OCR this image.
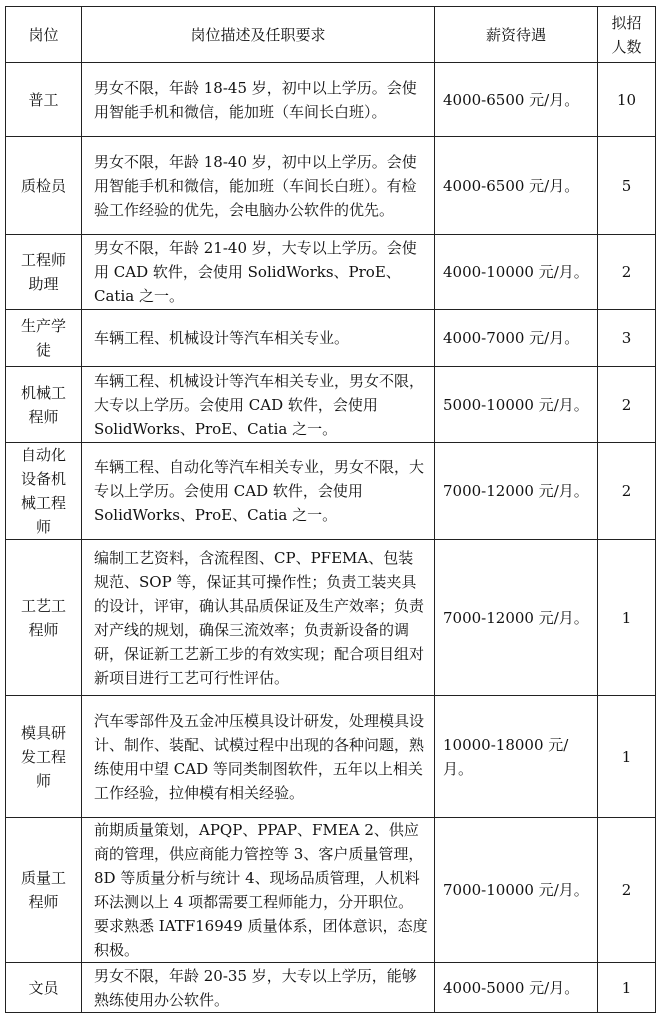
岗位	岗位描述及任职要求	薪资待遇	拟招人数
普工	男女不限，年龄 18-45 岁，初中以上学历。会使用智能手机和微信，能加班（车间长白班）。	4000-6500 元/月。	10
质检员	男女不限，年龄 18-40 岁，初中以上学历。会使用智能手机和微信，能加班（车间长白班）。有检验工作经验的优先，会电脑办公软件的优先。	4000-6500 元/月。	5
工程师助理	男女不限，年龄 21-40 岁，大专以上学历。会使用 CAD 软件，会使用 SolidWorks、ProE、Catia 之一。	4000-10000 元/月。	2
生产学徒	车辆工程、机械设计等汽车相关专业。	4000-7000 元/月。	3
机械工程师	车辆工程、机械设计等汽车相关专业，男女不限，大专以上学历。会使用 CAD 软件，会使用 SolidWorks、ProE、Catia 之一。	5000-10000 元/月。	2
自动化设备机械工程师	车辆工程、自动化等汽车相关专业，男女不限，大专以上学历。会使用 CAD 软件，会使用 SolidWorks、ProE、Catia 之一。	7000-12000 元/月。	2
工艺工程师	编制工艺资料，含流程图、CP、PFEMA、包装规范、SOP 等，保证其可操作性；负责工装夹具的设计，评审，确认其品质保证及生产效率；负责对产线的规划，确保三流效率；负责新设备的调研，保证新工艺新工步的有效实现；配合项目组对新项目进行工艺可行性评估。	7000-12000 元/月。	1
模具研发工程师	汽车零部件及五金冲压模具设计研发，处理模具设计、制作、装配、试模过程中出现的各种问题，熟练使用中望 CAD 等同类制图软件，五年以上相关工作经验，拉伸模有相关经验。	10000-18000 元/月。	1
质量工程师	前期质量策划，APQP、PPAP、FMEA 2、供应商的管理，供应商能力管控等 3、客户质量管理，8D 等质量分析与统计 4、现场品质管理，人机料环法测以上 4 项都需要工程师能力，分开职位。要求熟悉 IATF16949 质量体系，团体意识，态度积极。	7000-10000 元/月。	2
文员	男女不限，年龄 20-35 岁，大专以上学历，能够熟练使用办公软件。	4000-5000 元/月。	1
